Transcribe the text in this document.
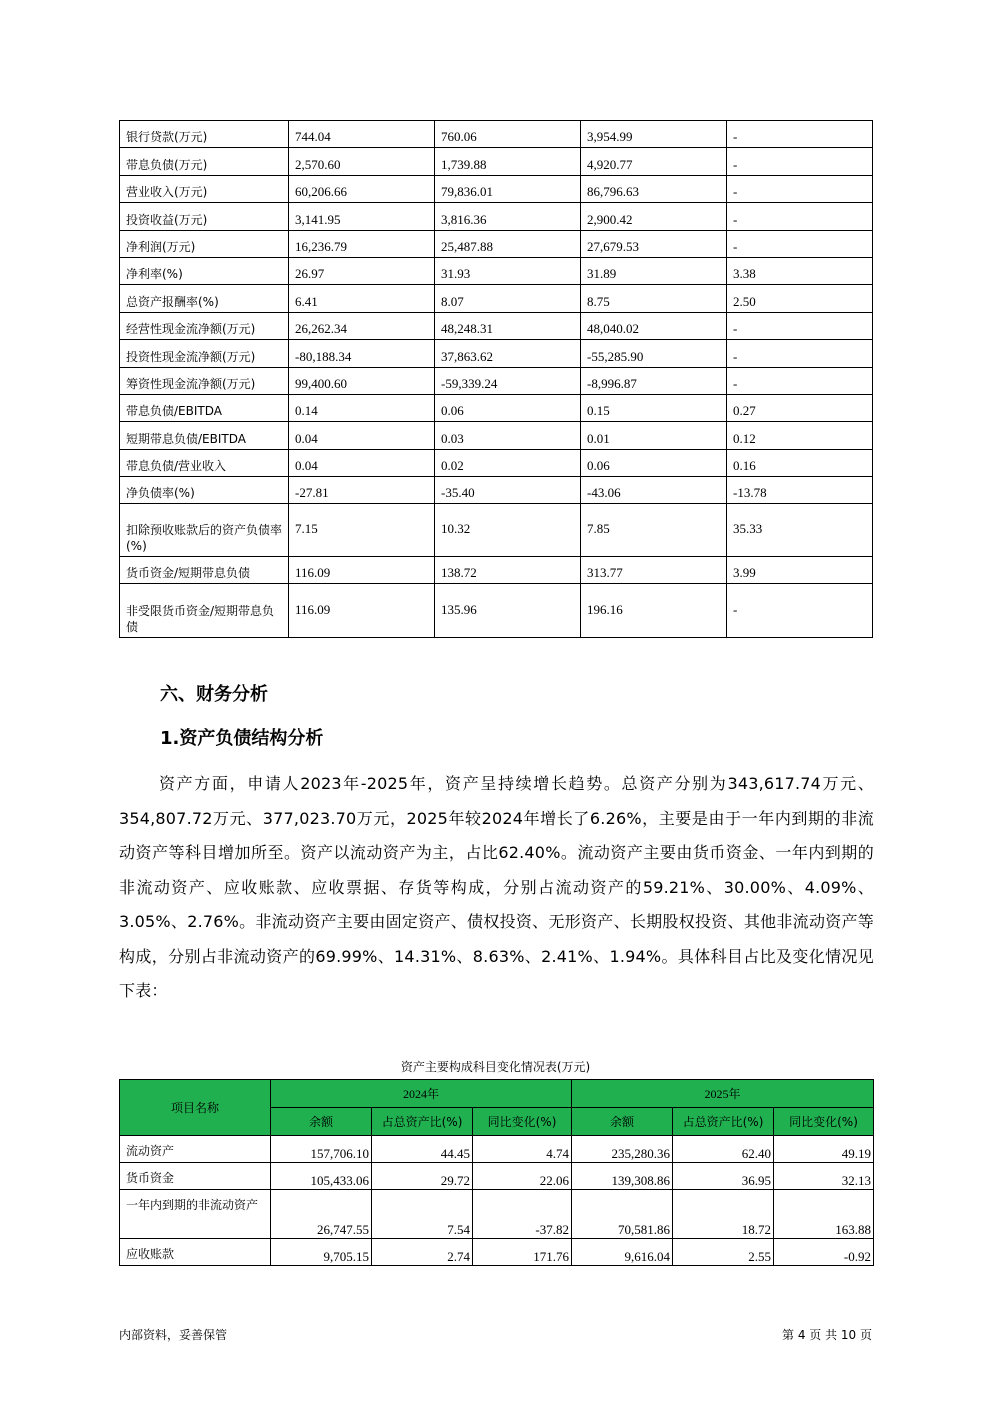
银行贷款(万元)	744.04	760.06	3,954.99	-
带息负债(万元)	2,570.60	1,739.88	4,920.77	-
营业收入(万元)	60,206.66	79,836.01	86,796.63	-
投资收益(万元)	3,141.95	3,816.36	2,900.42	-
净利润(万元)	16,236.79	25,487.88	27,679.53	-
净利率(%)	26.97	31.93	31.89	3.38
总资产报酬率(%)	6.41	8.07	8.75	2.50
经营性现金流净额(万元)	26,262.34	48,248.31	48,040.02	-
投资性现金流净额(万元)	-80,188.34	37,863.62	-55,285.90	-
筹资性现金流净额(万元)	99,400.60	-59,339.24	-8,996.87	-
带息负债/EBITDA	0.14	0.06	0.15	0.27
短期带息负债/EBITDA	0.04	0.03	0.01	0.12
带息负债/营业收入	0.04	0.02	0.06	0.16
净负债率(%)	-27.81	-35.40	-43.06	-13.78
扣除预收账款后的资产负债率(%)	7.15	10.32	7.85	35.33
货币资金/短期带息负债	116.09	138.72	313.77	3.99
非受限货币资金/短期带息负债	116.09	135.96	196.16	-
六、财务分析
1.资产负债结构分析
资产方面，申请人2023年-2025年，资产呈持续增长趋势。总资产分别为343,617.74万元、354,807.72万元、377,023.70万元，2025年较2024年增长了6.26%，主要是由于一年内到期的非流动资产等科目增加所至。资产以流动资产为主，占比62.40%。流动资产主要由货币资金、一年内到期的非流动资产、应收账款、应收票据、存货等构成，分别占流动资产的59.21%、30.00%、4.09%、3.05%、2.76%。非流动资产主要由固定资产、债权投资、无形资产、长期股权投资、其他非流动资产等构成，分别占非流动资产的69.99%、14.31%、8.63%、2.41%、1.94%。具体科目占比及变化情况见下表：
资产主要构成科目变化情况表(万元)
项目名称	2024年			2025年		
	余额	占总资产比(%)	同比变化(%)	余额	占总资产比(%)	同比变化(%)
流动资产	157,706.10	44.45	4.74	235,280.36	62.40	49.19
货币资金	105,433.06	29.72	22.06	139,308.86	36.95	32.13
一年内到期的非流动资产	26,747.55	7.54	-37.82	70,581.86	18.72	163.88
应收账款	9,705.15	2.74	171.76	9,616.04	2.55	-0.92
内部资料，妥善保管	第 4 页 共 10 页
